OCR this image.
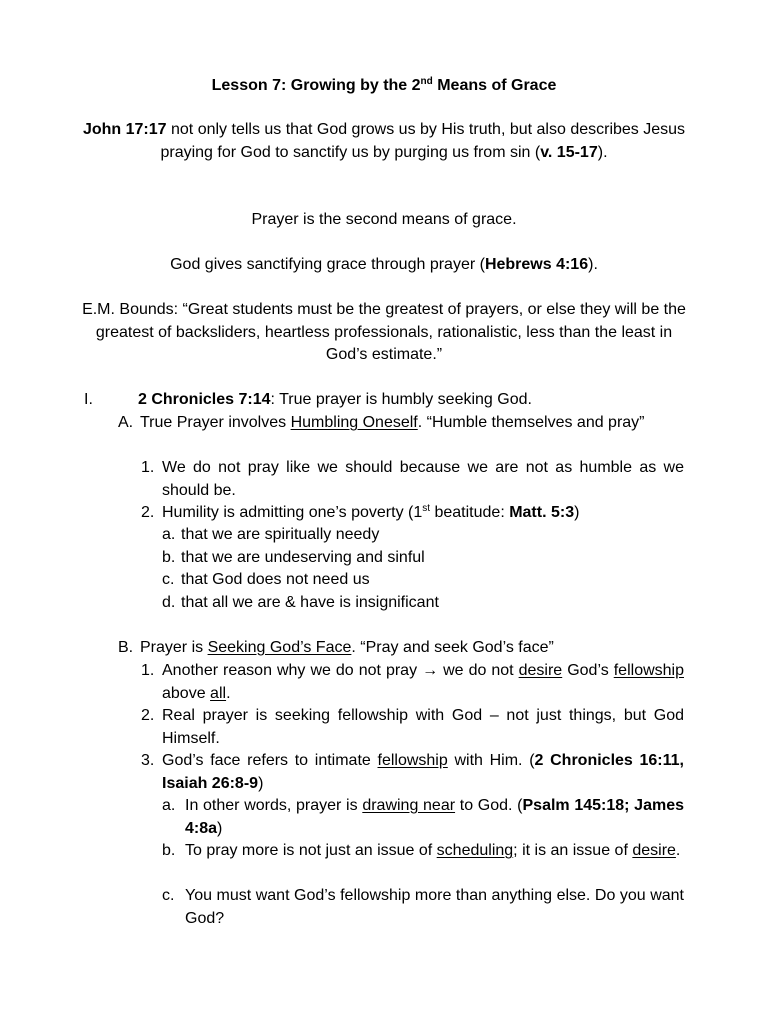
Lesson 7: Growing by the 2nd Means of Grace

John 17:17 not only tells us that God grows us by His truth, but also describes Jesus praying for God to sanctify us by purging us from sin (v. 15-17).

Prayer is the second means of grace.

God gives sanctifying grace through prayer (Hebrews 4:16).

E.M. Bounds: “Great students must be the greatest of prayers, or else they will be the greatest of backsliders, heartless professionals, rationalistic, less than the least in God’s estimate.”

I.	2 Chronicles 7:14: True prayer is humbly seeking God.
A. True Prayer involves Humbling Oneself. “Humble themselves and pray”
1. We do not pray like we should because we are not as humble as we should be.
2. Humility is admitting one’s poverty (1st beatitude: Matt. 5:3)
a. that we are spiritually needy
b. that we are undeserving and sinful
c. that God does not need us
d. that all we are & have is insignificant
B. Prayer is Seeking God’s Face. “Pray and seek God’s face”
1. Another reason why we do not pray → we do not desire God’s fellowship above all.
2. Real prayer is seeking fellowship with God – not just things, but God Himself.
3. God’s face refers to intimate fellowship with Him. (2 Chronicles 16:11, Isaiah 26:8-9)
a. In other words, prayer is drawing near to God. (Psalm 145:18; James 4:8a)
b. To pray more is not just an issue of scheduling; it is an issue of desire.
c. You must want God’s fellowship more than anything else. Do you want God?
